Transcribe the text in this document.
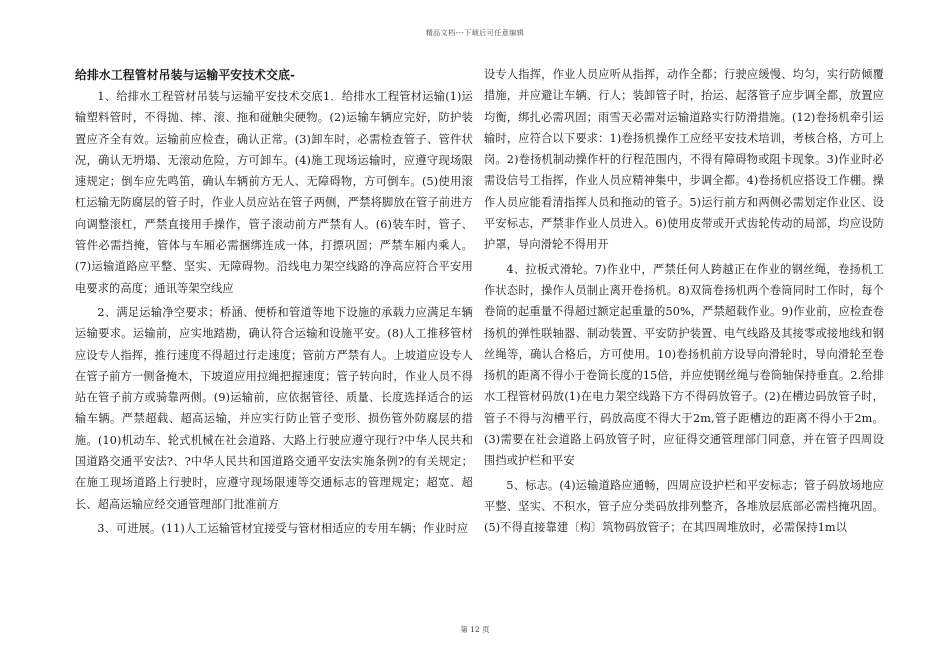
精品文档---下载后可任意编辑

给排水工程管材吊装与运输平安技术交底-

1、给排水工程管材吊装与运输平安技术交底1．给排水工程管材运输(1)运输塑料管时，不得抛、摔、滚、拖和碰触尖硬物。(2)运输车辆应完好，防护装置应齐全有效。运输前应检查，确认正常。(3)卸车时，必需检查管子、管件状况，确认无坍塌、无滚动危险，方可卸车。(4)施工现场运输时，应遵守现场限速规定；倒车应先鸣笛，确认车辆前方无人、无障碍物，方可倒车。(5)使用滚杠运输无防腐层的管子时，作业人员应站在管子两侧，严禁将脚放在管子前进方向调整滚杠，严禁直接用手操作，管子滚动前方严禁有人。(6)装车时，管子、管件必需挡掩，管体与车厢必需捆绑连成一体，打摽巩固；严禁车厢内乘人。(7)运输道路应平整、坚实、无障碍物。沿线电力架空线路的净高应符合平安用电要求的高度；通讯等架空线应

2、满足运输净空要求；桥涵、便桥和管道等地下设施的承载力应满足车辆运输要求。运输前，应实地踏勘，确认符合运输和设施平安。(8)人工推移管材应设专人指挥，推行速度不得超过行走速度；管前方严禁有人。上坡道应设专人在管子前方一侧备掩木，下坡道应用拉绳把握速度；管子转向时，作业人员不得站在管子前方或骑靠两侧。(9)运输前，应依据管径、质量、长度选择适合的运输车辆。严禁超载、超高运输，并应实行防止管子变形、损伤管外防腐层的措施。(10)机动车、轮式机械在社会道路、大路上行驶应遵守现行?中华人民共和国道路交通平安法?、?中华人民共和国道路交通平安法实施条例?的有关规定；在施工现场道路上行驶时，应遵守现场限速等交通标志的管理规定；超宽、超长、超高运输应经交通管理部门批准前方

3、可进展。(11)人工运输管材宜接受与管材相适应的专用车辆；作业时应

设专人指挥，作业人员应听从指挥，动作全都；行驶应缓慢、均匀，实行防倾覆措施，并应避让车辆、行人；装卸管子时，抬运、起落管子应步调全都，放置应均衡，绑扎必需巩固；雨雪天必需对运输道路实行防滑措施。(12)卷扬机牵引运输时，应符合以下要求：1)卷扬机操作工应经平安技术培训，考核合格，方可上岗。2)卷扬机制动操作杆的行程范围内，不得有障碍物或阻卡现象。3)作业时必需设信号工指挥，作业人员应精神集中，步调全都。4)卷扬机应搭设工作棚。操作人员应能看清指挥人员和拖动的管子。5)运行前方和两侧必需划定作业区、设平安标志，严禁非作业人员进入。6)使用皮带或开式齿轮传动的局部，均应设防护罩，导向滑轮不得用开

4、拉板式滑轮。7)作业中，严禁任何人跨越正在作业的钢丝绳，卷扬机工作状态时，操作人员制止离开卷扬机。8)双筒卷扬机两个卷筒同时工作时，每个卷筒的起重量不得超过额定起重量的50%，严禁超载作业。9)作业前，应检查卷扬机的弹性联轴器、制动装置、平安防护装置、电气线路及其接零或接地线和钢丝绳等，确认合格后，方可使用。10)卷扬机前方设导向滑轮时，导向滑轮至卷扬机的距离不得小于卷筒长度的15倍，并应使钢丝绳与卷筒轴保持垂直。2.给排水工程管材码放(1)在电力架空线路下方不得码放管子。(2)在槽边码放管子时，管子不得与沟槽平行，码放高度不得大于2m,管子距槽边的距离不得小于2m。(3)需要在社会道路上码放管子时，应征得交通管理部门同意，并在管子四周设围挡或护栏和平安

5、标志。(4)运输道路应通畅，四周应设护栏和平安标志；管子码放场地应平整、坚实、不积水，管子应分类码放排列整齐，各堆放层底部必需档掩巩固。(5)不得直接靠建〔构〕筑物码放管子；在其四周堆放时，必需保持1m以

第 12 页
